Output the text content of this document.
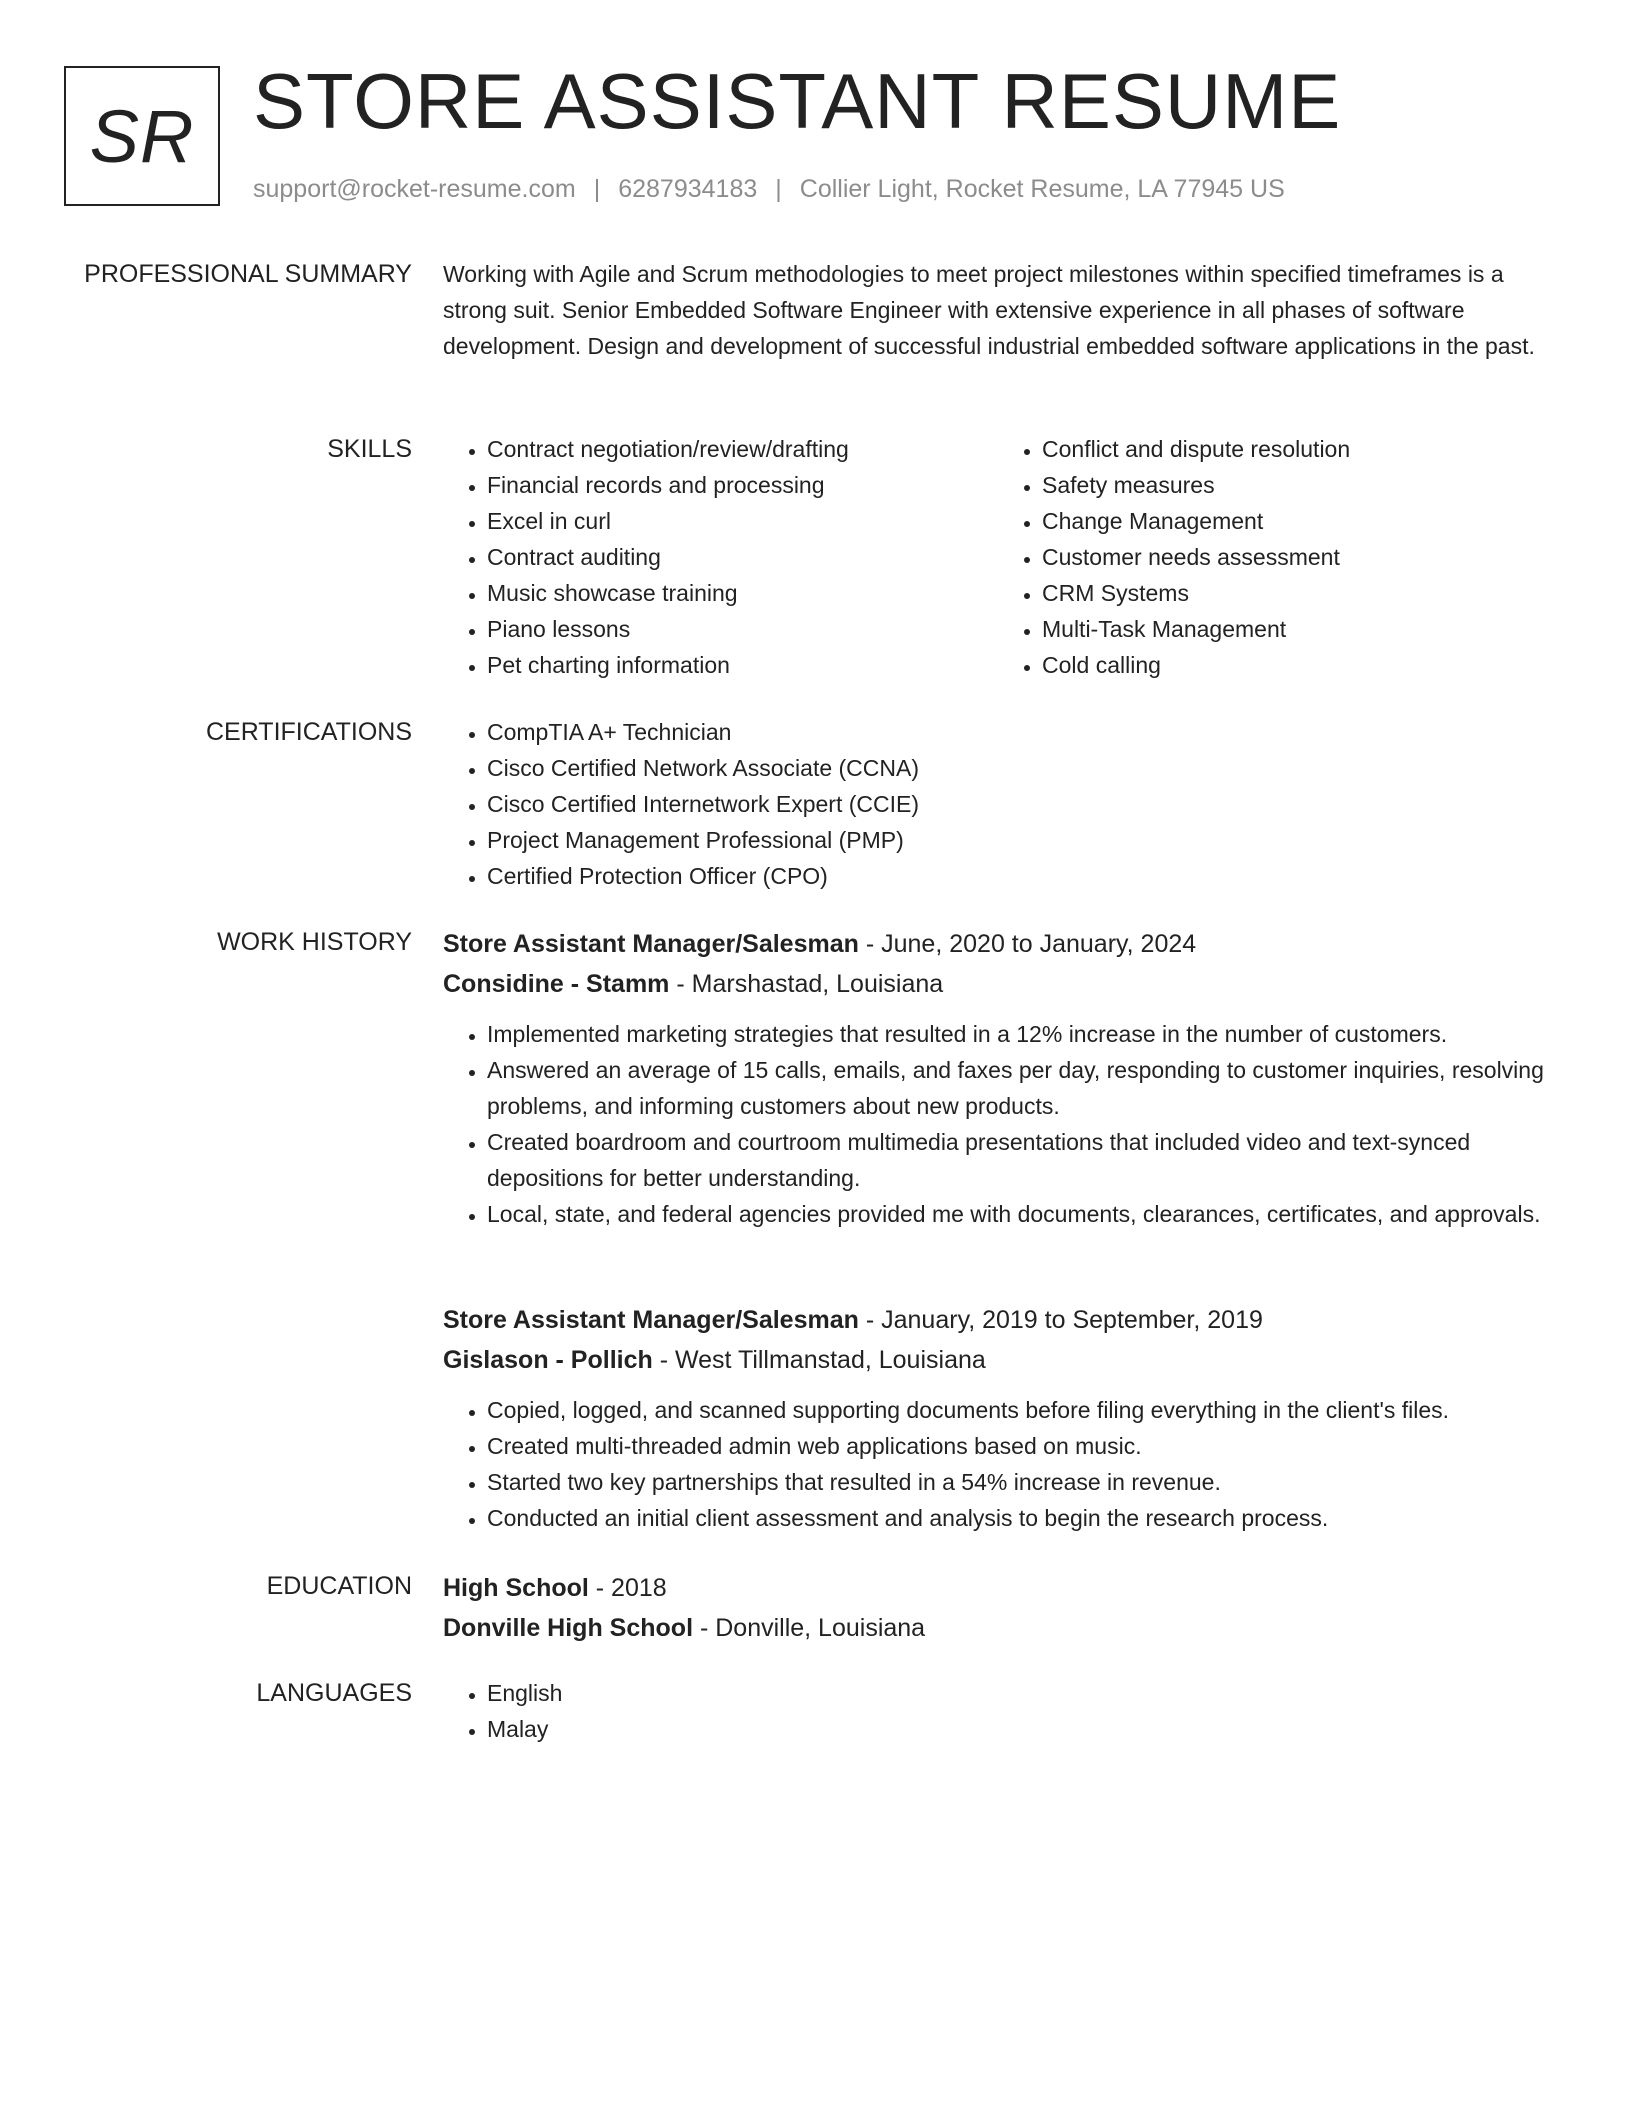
SR STORE ASSISTANT RESUME
support@rocket-resume.com | 6287934183 | Collier Light, Rocket Resume, LA 77945 US
PROFESSIONAL SUMMARY Working with Agile and Scrum methodologies to meet project milestones within specified timeframes is a strong suit. Senior Embedded Software Engineer with extensive experience in all phases of software development. Design and development of successful industrial embedded software applications in the past.

SKILLS	• Contract negotiation/review/drafting
• Financial records and processing
• Excel in curl
• Contract auditing
• Music showcase training
• Piano lessons
• Pet charting information
• Conflict and dispute resolution
• Safety measures
• Change Management
• Customer needs assessment
• CRM Systems
• Multi-Task Management
• Cold calling
CERTIFICATIONS	• CompTIA A+ Technician
• Cisco Certified Network Associate (CCNA)
• Cisco Certified Internetwork Expert (CCIE)
• Project Management Professional (PMP)
• Certified Protection Officer (CPO)
WORK HISTORY Store Assistant Manager/Salesman - June, 2020 to January, 2024
Considine - Stamm - Marshastad, Louisiana
• Implemented marketing strategies that resulted in a 12% increase in the number of customers.
• Answered an average of 15 calls, emails, and faxes per day, responding to customer inquiries, resolving problems, and informing customers about new products.
• Created boardroom and courtroom multimedia presentations that included video and text-synced depositions for better understanding.
• Local, state, and federal agencies provided me with documents, clearances, certificates, and approvals.
Store Assistant Manager/Salesman - January, 2019 to September, 2019
Gislason - Pollich - West Tillmanstad, Louisiana
• Copied, logged, and scanned supporting documents before filing everything in the client's files.
• Created multi-threaded admin web applications based on music.
• Started two key partnerships that resulted in a 54% increase in revenue.
• Conducted an initial client assessment and analysis to begin the research process.
EDUCATION High School - 2018
Donville High School - Donville, Louisiana
LANGUAGES	• English
• Malay
